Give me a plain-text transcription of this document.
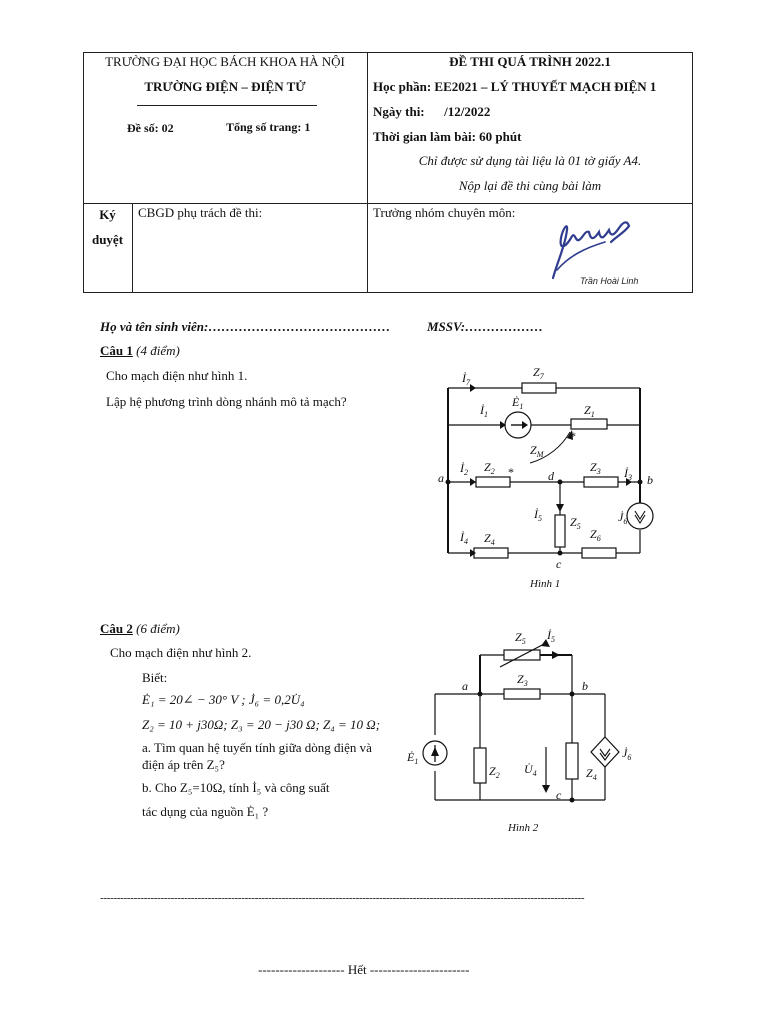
TRƯỜNG ĐẠI HỌC BÁCH KHOA HÀ NỘI
TRƯỜNG ĐIỆN – ĐIỆN TỬ
Đề số: 02	Tổng số trang: 1
ĐỀ THI QUÁ TRÌNH 2022.1
Học phần: EE2021 – LÝ THUYẾT MẠCH ĐIỆN 1
Ngày thi:      /12/2022
Thời gian làm bài: 60 phút
Chỉ được sử dụng tài liệu là 01 tờ giấy A4.
Nộp lại đề thi cùng bài làm
Ký
duyệt
CBGD phụ trách đề thi:	Trưởng nhóm chuyên môn:
Trần Hoài Linh
Họ và tên sinh viên:……………………………………	MSSV:………………
Câu 1 (4 điểm)
Cho mạch điện như hình 1.
Lập hệ phương trình dòng nhánh mô tả mạch?
$İ_7$
$Z_7$
$İ_1$
$Ė_1$	$Z_1$
$Z_M$
*
*
a
$İ_2$ $Z_2$	d
$Z_3$ $İ_3$ b
$İ_5$ $Z_5$
$J̇_6$
$İ_4$ $Z_4$
$Z_6$
c
Hình 1
Câu 2 (6 điểm)
Cho mạch điện như hình 2.
Biết:
Ė₁ = 20∠ − 30° V ; J̇₆ = 0,2U̇₄
Z₂ = 10 + j30Ω; Z₃ = 20 − j30 Ω; Z₄ = 10 Ω;
a. Tìm quan hệ tuyến tính giữa dòng điện và
điện áp trên Z₅?
b. Cho Z₅=10Ω, tính İ₅ và công suất
tác dụng của nguồn Ė₁ ?
$Z_5$ $İ_5$
a	$Z_3$	b
$Ė_1$
$Z_2$ $U̇_4$	$Z_4$
$J̇_6$
c
Hình 2
------------------------------------------------------------------------------------------------------------------------------------------------
-------------------- Hết -----------------------
